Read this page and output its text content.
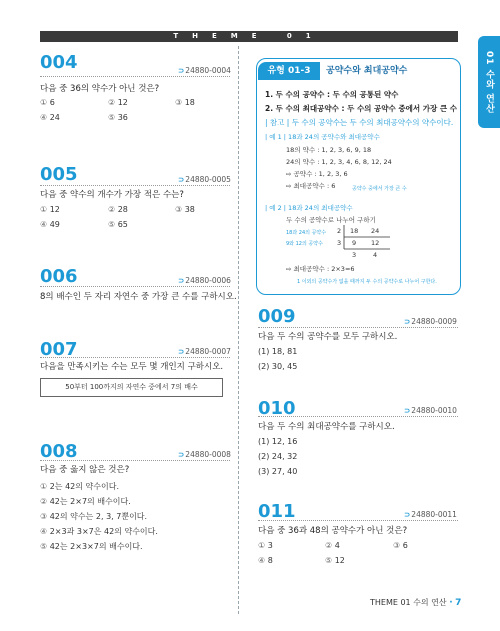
THEME 01
01 수와 연산
004	⊃24880-0004
다음 중 36의 약수가 아닌 것은?
① 6	② 12	③ 18
④ 24	⑤ 36
005	⊃24880-0005
다음 중 약수의 개수가 가장 적은 수는?
① 12	② 28	③ 38
④ 49	⑤ 65
006	⊃24880-0006
8의 배수인 두 자리 자연수 중 가장 큰 수를 구하시오.
007	⊃24880-0007
다음을 만족시키는 수는 모두 몇 개인지 구하시오.
50부터 100까지의 자연수 중에서 7의 배수
008	⊃24880-0008
다음 중 옳지 않은 것은?
① 2는 42의 약수이다.
② 42는 2×7의 배수이다.
③ 42의 약수는 2, 3, 7뿐이다.
④ 2×3과 3×7은 42의 약수이다.
⑤ 42는 2×3×7의 배수이다.
유형 01-3	공약수와 최대공약수
1. 두 수의 공약수 : 두 수의 공통된 약수
2. 두 수의 최대공약수 : 두 수의 공약수 중에서 가장 큰 수
| 참고 | 두 수의 공약수는 두 수의 최대공약수의 약수이다.
| 예 1 | 18과 24의 공약수와 최대공약수
18의 약수 : 1, 2, 3, 6, 9, 18
24의 약수 : 1, 2, 3, 4, 6, 8, 12, 24
⇨ 공약수 : 1, 2, 3, 6
⇨ 최대공약수 : 6	공약수 중에서 가장 큰 수
| 예 2 | 18과 24의 최대공약수
두 수의 공약수로 나누어 구하기
18과 24의 공약수
9와 12의 공약수
2 18 24
3 9 12
3	4
⇨ 최대공약수 : 2×3=6
1 이외의 공약수가 없을 때까지 두 수의 공약수로 나누어 구한다.
009	⊃24880-0009
다음 두 수의 공약수를 모두 구하시오.
(1) 18, 81
(2) 30, 45
010	⊃24880-0010
다음 두 수의 최대공약수를 구하시오.
(1) 12, 16
(2) 24, 32
(3) 27, 40
011	⊃24880-0011
다음 중 36과 48의 공약수가 아닌 것은?
① 3	② 4	③ 6
④ 8	⑤ 12
THEME 01 수의 연산 · 7
